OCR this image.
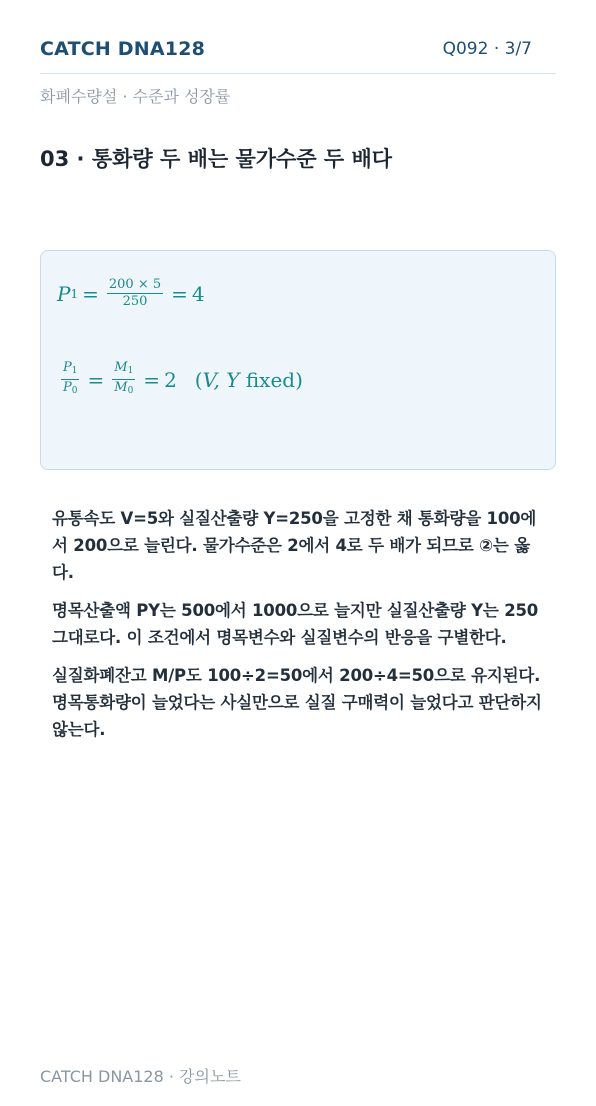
CATCH DNA128	Q092 · 3/7
화폐수량설 · 수준과 성장률
03 · 통화량 두 배는 물가수준 두 배다
P $1 = \frac{200 \times 5}{250} = 4$
$\frac{P1}{P0} = \frac{M1}{M0} = 2$ (V, Y fixed)

유통속도 V=5와 실질산출량 Y=250을 고정한 채 통화량을 100에서 200으로 늘린다. 물가수준은 2에서 4로 두 배가 되므로 ②는 옳다.

명목산출액 PY는 500에서 1000으로 늘지만 실질산출량 Y는 250 그대로다. 이 조건에서 명목변수와 실질변수의 반응을 구별한다.

실질화폐잔고 M/P도 100÷2=50에서 200÷4=50으로 유지된다. 명목통화량이 늘었다는 사실만으로 실질 구매력이 늘었다고 판단하지 않는다.

CATCH DNA128 · 강의노트
